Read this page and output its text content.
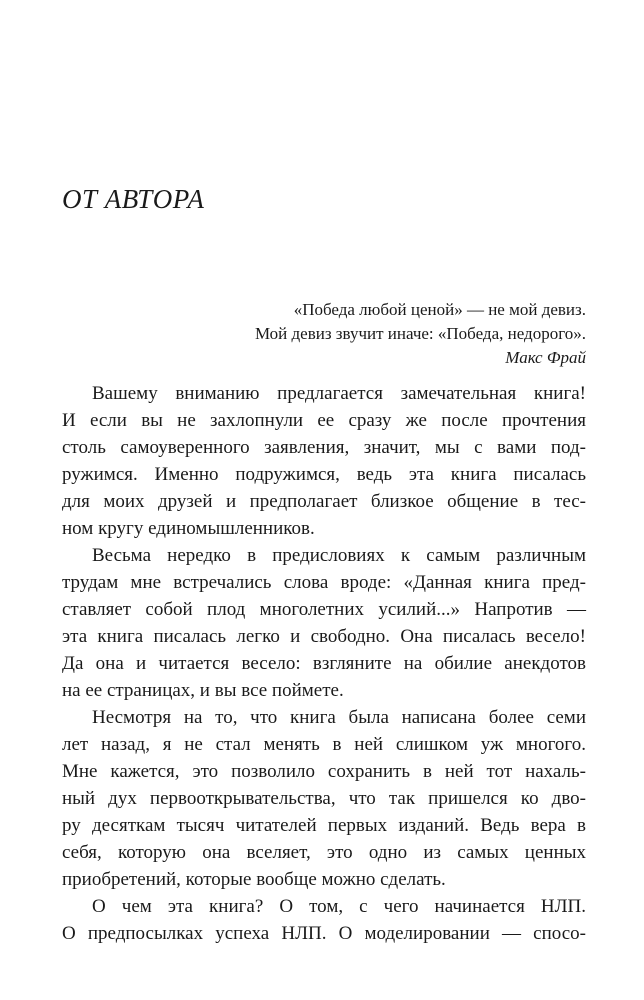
ОТ АВТОРА
«Победа любой ценой» — не мой девиз.
Мой девиз звучит иначе: «Победа, недорого».
Макс Фрай

Вашему вниманию предлагается замечательная книга!
И если вы не захлопнули ее сразу же после прочтения
столь самоуверенного заявления, значит, мы с вами под-
ружимся. Именно подружимся, ведь эта книга писалась
для моих друзей и предполагает близкое общение в тес-
ном кругу единомышленников.

Весьма нередко в предисловиях к самым различным
трудам мне встречались слова вроде: «Данная книга пред-
ставляет собой плод многолетних усилий...» Напротив —
эта книга писалась легко и свободно. Она писалась весело!
Да она и читается весело: взгляните на обилие анекдотов
на ее страницах, и вы все поймете.

Несмотря на то, что книга была написана более семи
лет назад, я не стал менять в ней слишком уж многого.
Мне кажется, это позволило сохранить в ней тот нахаль-
ный дух первооткрывательства, что так пришелся ко дво-
ру десяткам тысяч читателей первых изданий. Ведь вера в
себя, которую она вселяет, это одно из самых ценных
приобретений, которые вообще можно сделать.

О чем эта книга? О том, с чего начинается НЛП.
О предпосылках успеха НЛП. О моделировании — спосо-
